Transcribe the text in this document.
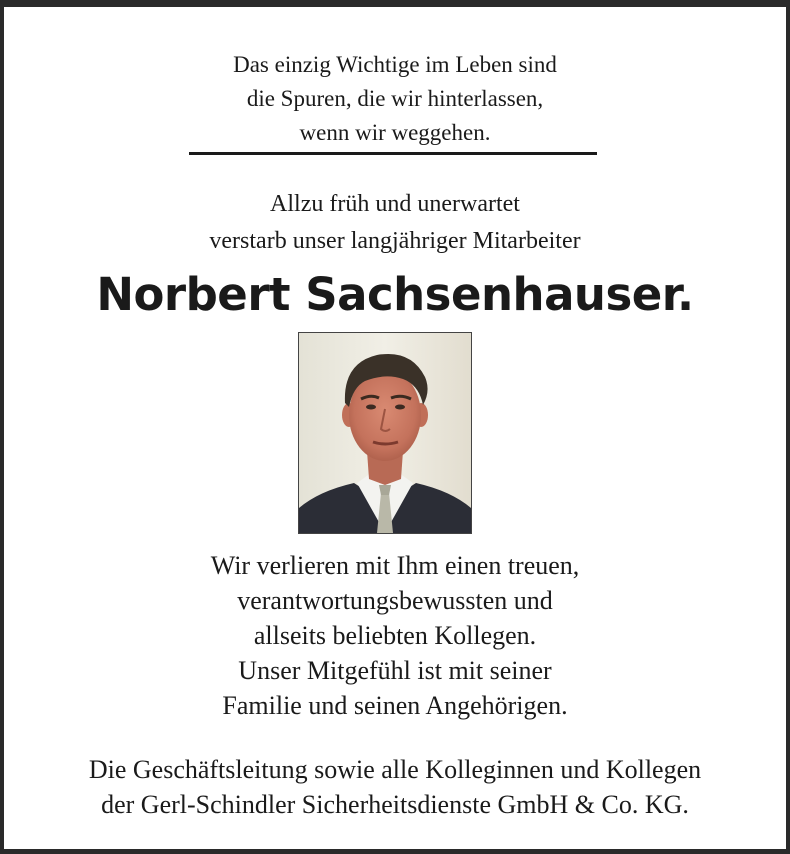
Das einzig Wichtige im Leben sind
die Spuren, die wir hinterlassen,
wenn wir weggehen.
Allzu früh und unerwartet
verstarb unser langjähriger Mitarbeiter
Norbert Sachsenhauser.
Wir verlieren mit Ihm einen treuen,
verantwortungsbewussten und
allseits beliebten Kollegen.
Unser Mitgefühl ist mit seiner
Familie und seinen Angehörigen.
Die Geschäftsleitung sowie alle Kolleginnen und Kollegen
der Gerl-Schindler Sicherheitsdienste GmbH & Co. KG.
